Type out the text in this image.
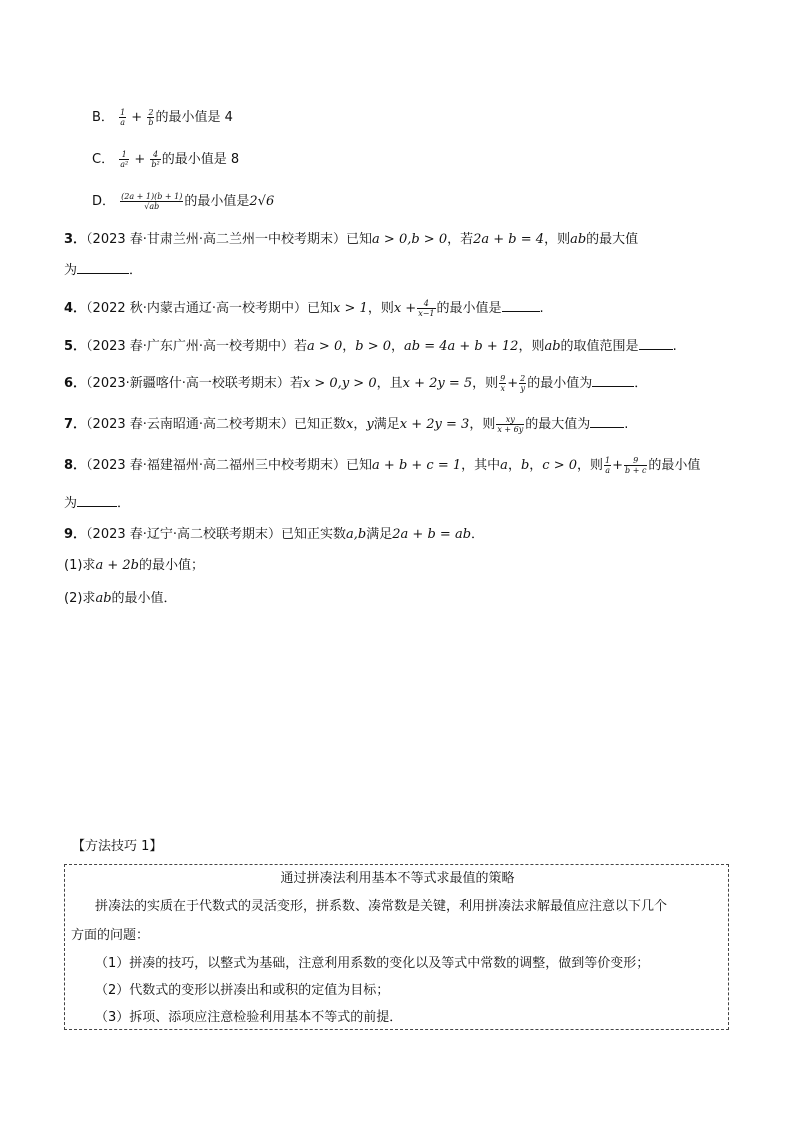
B． $\frac{1}{a} + \frac{2}{b}$ 的最小值是 4
C． $\frac{1}{\text{a²}} + \frac{4}{\text{b²}}$ 的最小值是 8
D． $\frac{(2a + 1)(b + 1)}{√ab}$ 的最小值是2√6
3．（2023 春·甘肃兰州·高二兰州一中校考期末）已知a > 0,b > 0，若2a + b = 4，则ab的最大值
为	．
4．（2022 秋·内蒙古通辽·高一校考期中）已知x > 1，则$x + \frac{4}{x-1}$ 的最小值是	.
5．（2023 春·广东广州·高一校考期中）若a > 0，b > 0，ab = 4a + b + 12，则ab的取值范围是	.
6．（2023·新疆喀什·高一校联考期末）若x > 0,y > 0，且x + 2y = 5，则 $\frac{9}{x} + \frac{2}{y}$ 的最小值为	．
7．（2023 春·云南昭通·高二校考期末）已知正数x，y满足x + 2y = 3，则 $\frac{xy}{x + 6y}$ 的最大值为	.
8．（2023 春·福建福州·高二福州三中校考期末）已知a + b + c = 1，其中a，b，c > 0，则 $\frac{1}{a} + \frac{9}{b + c}$ 的最小值
为	．
9．（2023 春·辽宁·高二校联考期末）已知正实数a,b满足2a + b = ab．
(1)求a + 2b的最小值；
(2)求ab的最小值．
【方法技巧 1】
通过拼凑法利用基本不等式求最值的策略
拼凑法的实质在于代数式的灵活变形，拼系数、凑常数是关键，利用拼凑法求解最值应注意以下几个
方面的问题：
（1）拼凑的技巧，以整式为基础，注意利用系数的变化以及等式中常数的调整，做到等价变形；
（2）代数式的变形以拼凑出和或积的定值为目标；
（3）拆项、添项应注意检验利用基本不等式的前提．
